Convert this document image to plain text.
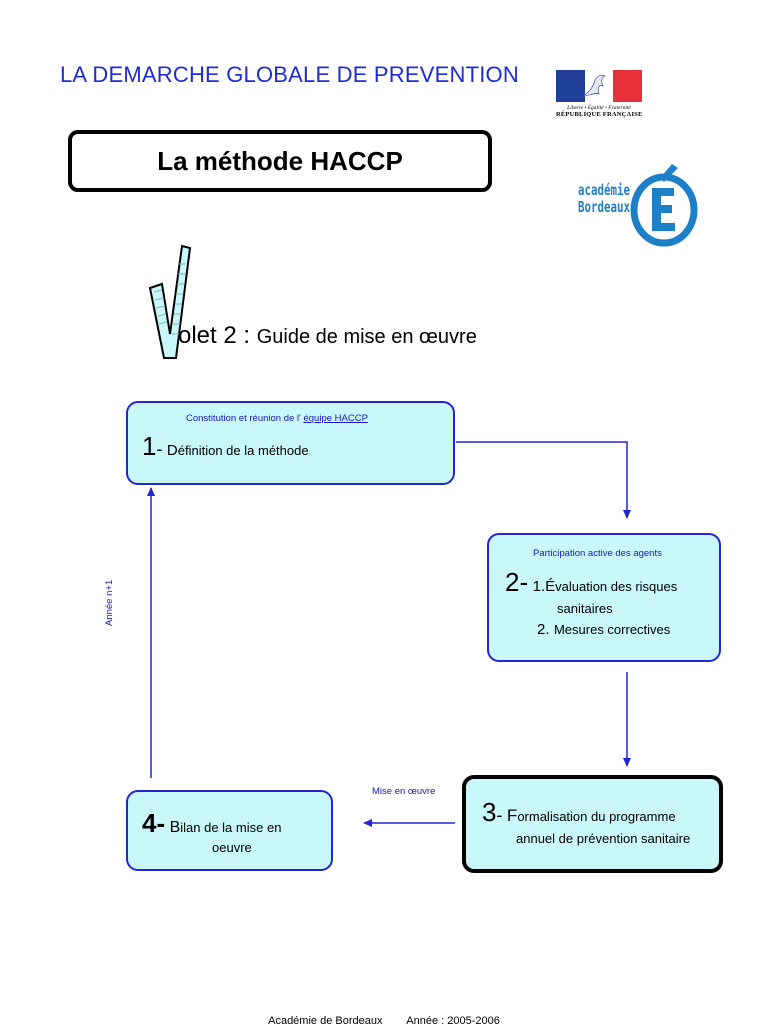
LA DEMARCHE GLOBALE DE PREVENTION
La méthode HACCP
Liberté • Égalité • Fraternité
RÉPUBLIQUE FRANÇAISE
académie
Bordeaux
olet 2 : Guide de mise en œuvre
Mise en œuvre
Année n+1
Constitution et réunion de l' équipe HACCP
1- Définition de la méthode
Participation active des agents
2- 1.Évaluation des risques
sanitaires
2. Mesures correctives
3- Formalisation du programme
annuel de prévention sanitaire
4- Bilan de la mise en
oeuvre
Académie de Bordeaux        Année : 2005-2006
